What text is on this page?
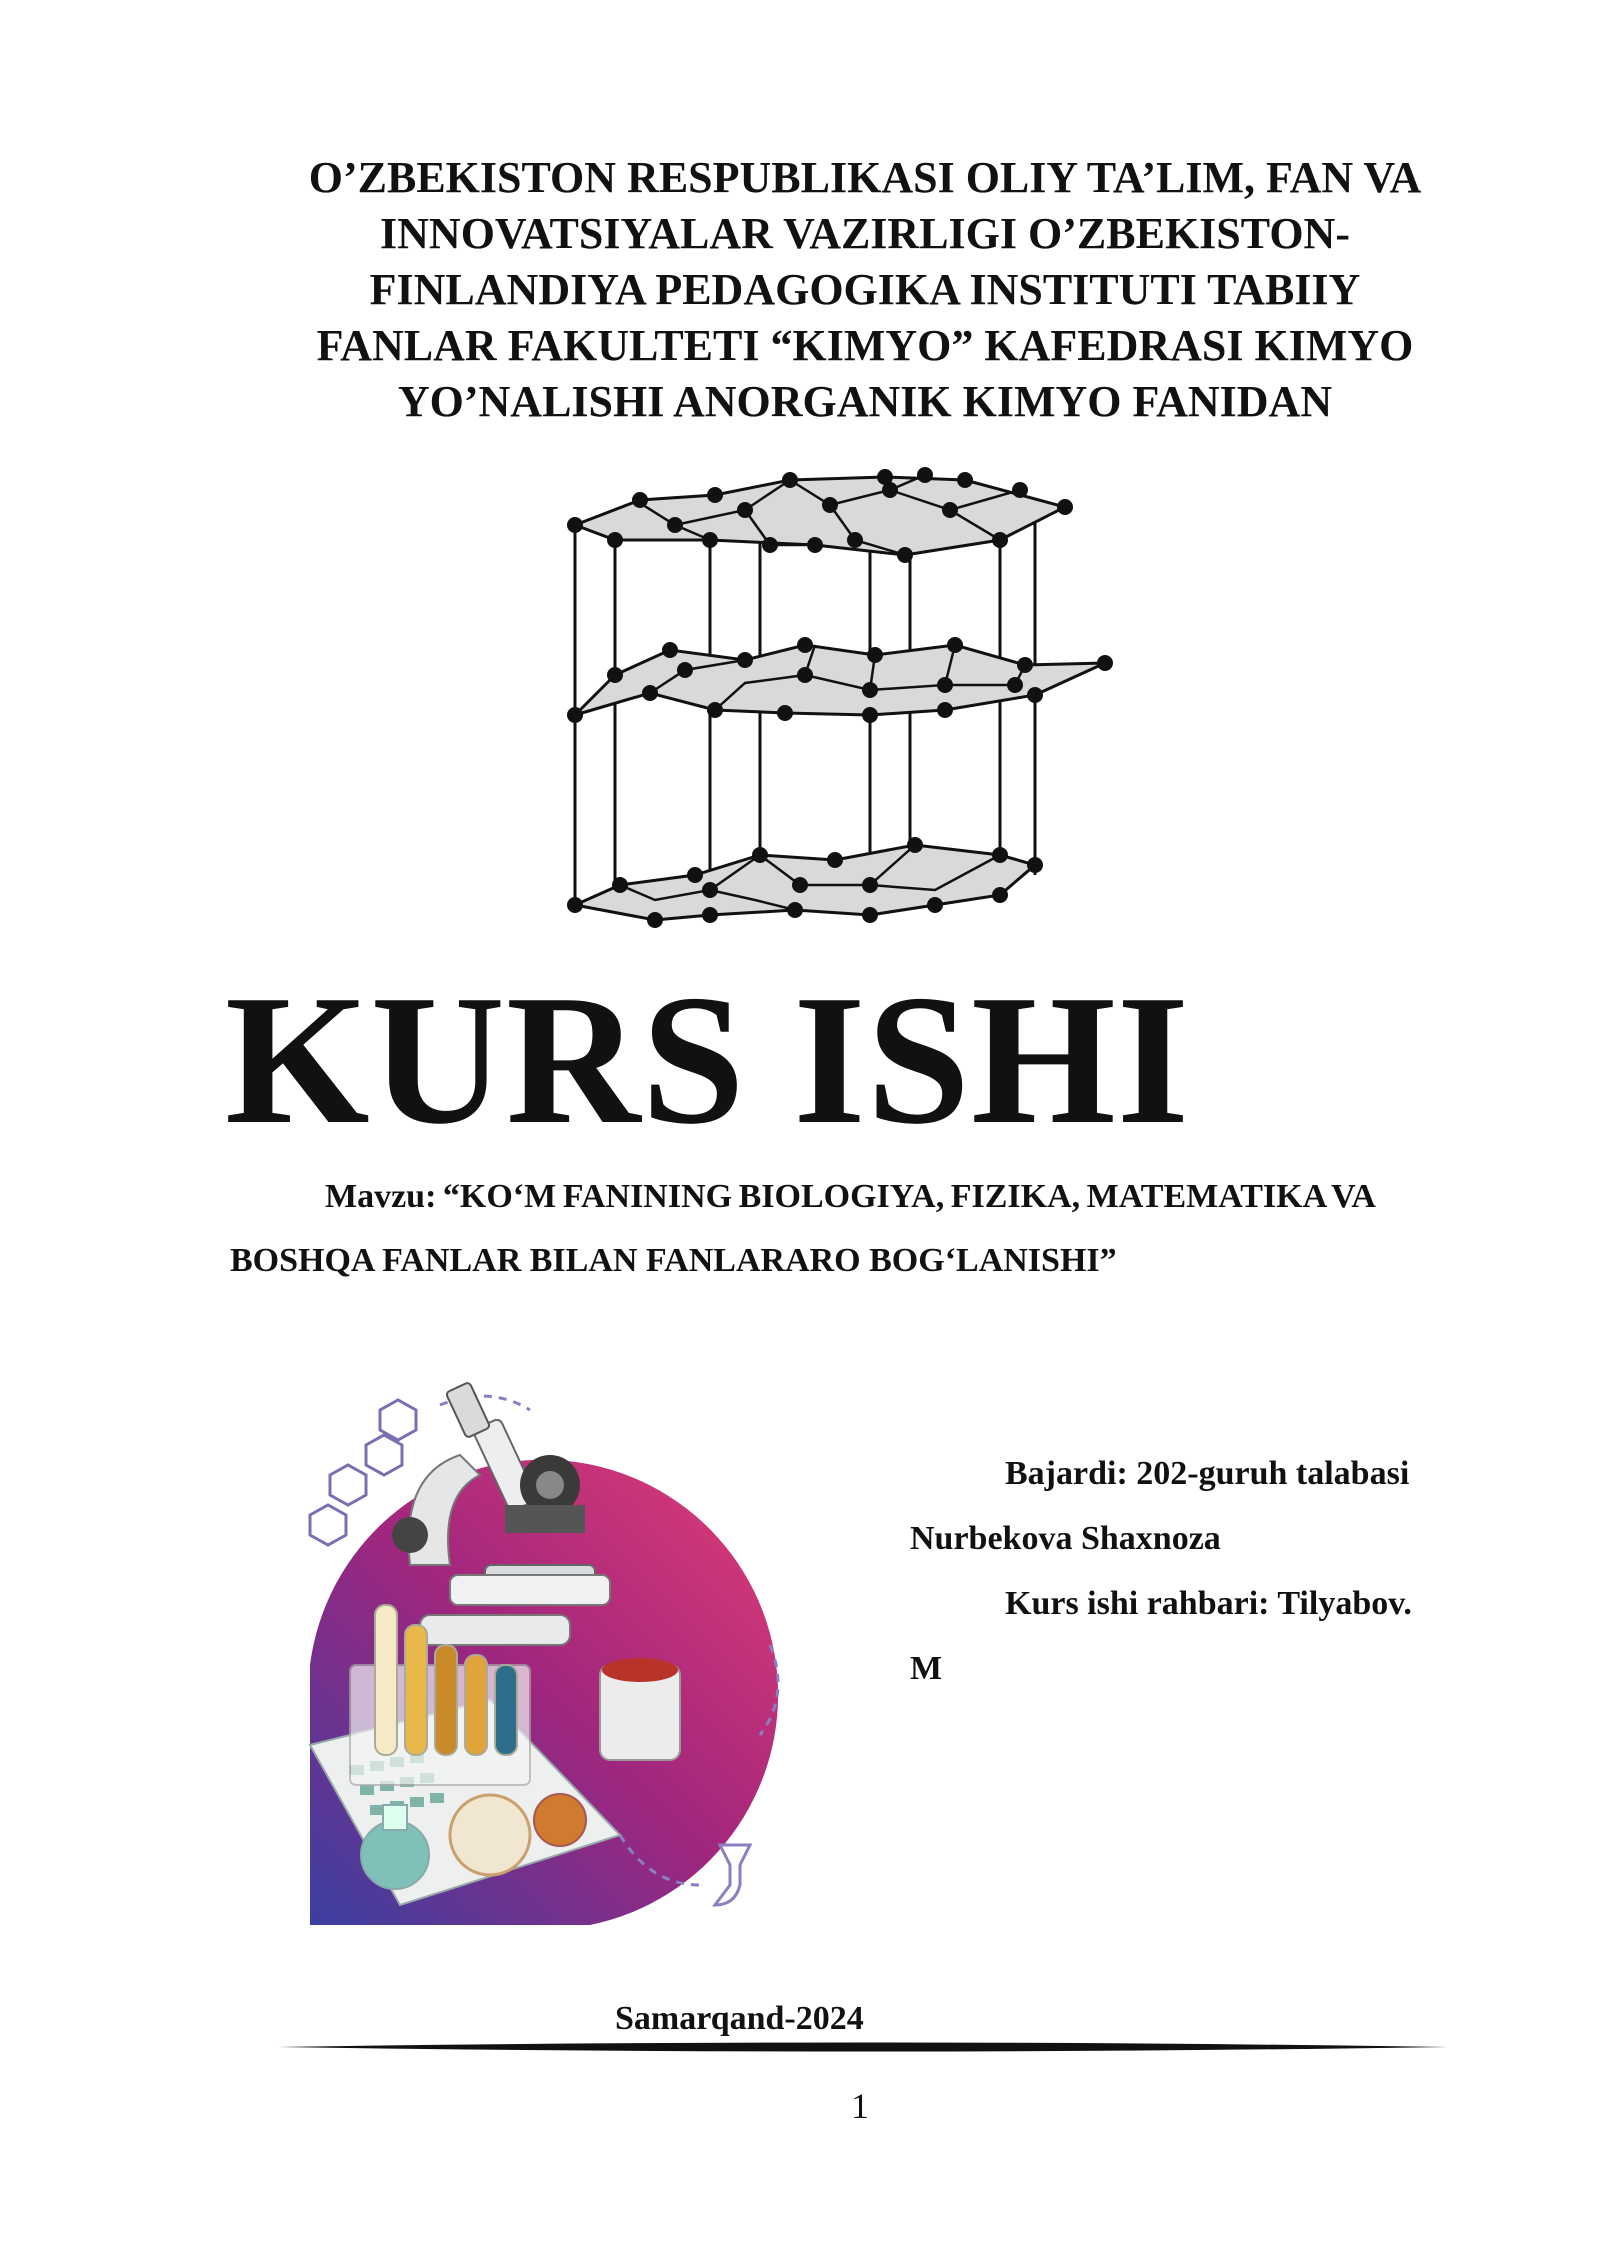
O’ZBEKISTON RESPUBLIKASI OLIY TA’LIM, FAN VA
INNOVATSIYALAR VAZIRLIGI O’ZBEKISTON-
FINLANDIYA PEDAGOGIKA INSTITUTI TABIIY
FANLAR FAKULTETI “KIMYO” KAFEDRASI KIMYO
YO’NALISHI ANORGANIK KIMYO FANIDAN
KURS ISHI
Mavzu: “KO‘M FANINING BIOLOGIYA, FIZIKA, MATEMATIKA VA
BOSHQA FANLAR BILAN FANLARARO BOG‘LANISHI”
Bajardi: 202-guruh talabasi
Nurbekova Shaxnoza
Kurs ishi rahbari: Tilyabov.
M
Samarqand-2024
1
